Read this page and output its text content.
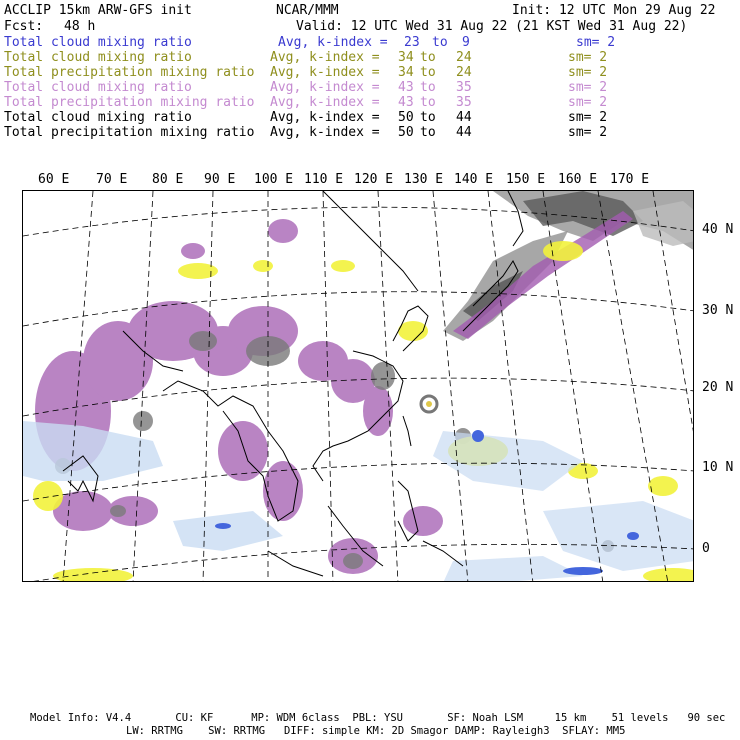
ACCLIP 15km ARW-GFS init	NCAR/MMM	Init: 12 UTC Mon 29 Aug 22
Fcst: 48 h	Valid: 12 UTC Wed 31 Aug 22 (21 KST Wed 31 Aug 22)
Total cloud mixing ratio	Avg, k-index = 23 to 9	sm= 2
Total cloud mixing ratio	Avg, k-index = 34 to 24	sm= 2
Total precipitation mixing ratio Avg, k-index = 34 to 24	sm= 2
Total cloud mixing ratio	Avg, k-index = 43 to 35	sm= 2
Total precipitation mixing ratio Avg, k-index = 43 to 35	sm= 2
Total cloud mixing ratio	Avg, k-index = 50 to 44	sm= 2
Total precipitation mixing ratio Avg, k-index = 50 to 44	sm= 2
60 E 70 E 80 E 90 E 100 E 110 E 120 E 130 E 140 E 150 E 160 E 170 E
40 N
30 N
20 N
10 N
0
Model Info: V4.4       CU: KF      MP: WDM 6class  PBL: YSU       SF: Noah LSM     15 km    51 levels   90 sec
LW: RRTMG    SW: RRTMG   DIFF: simple KM: 2D Smagor DAMP: Rayleigh3  SFLAY: MM5
